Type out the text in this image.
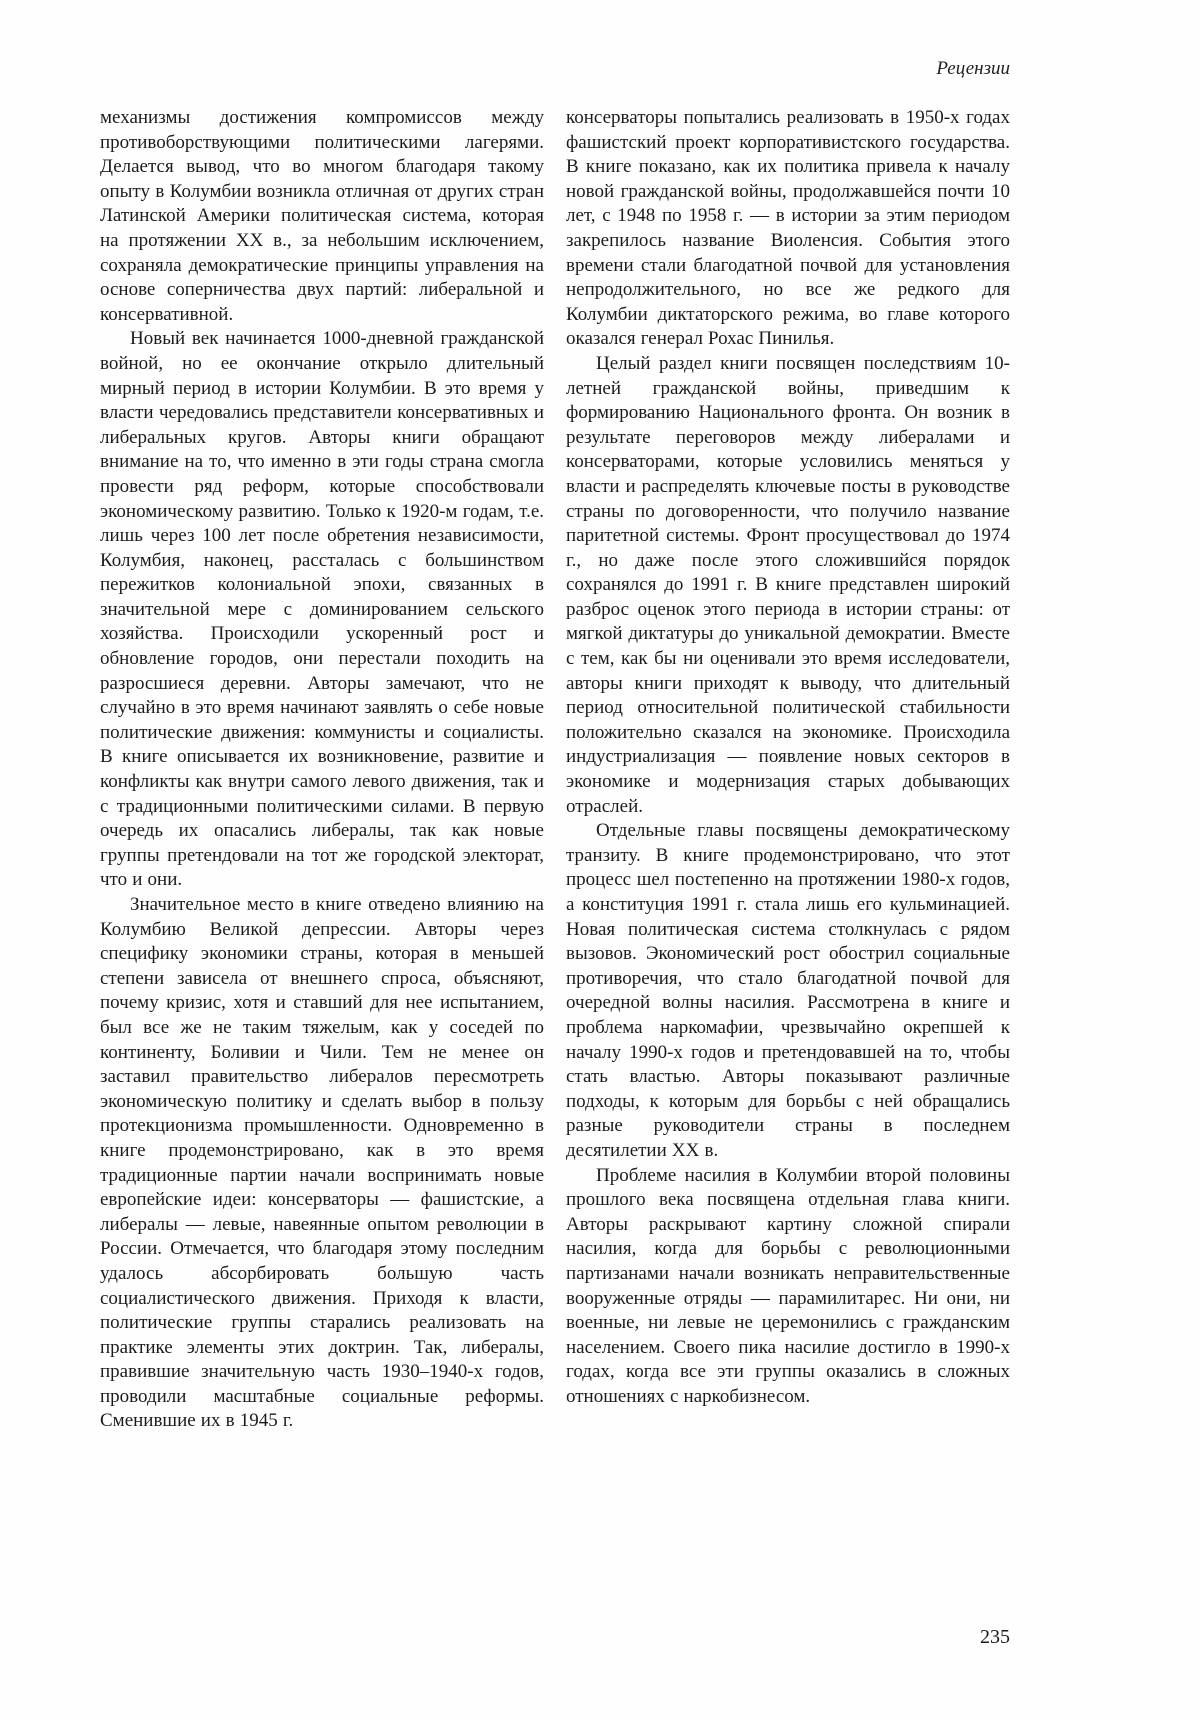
Рецензии

механизмы достижения компромиссов между противоборствующими политическими лагерями. Делается вывод, что во многом благодаря такому опыту в Колумбии возникла отличная от других стран Латинской Америки политическая система, которая на протяжении XX в., за небольшим исключением, сохраняла демократические принципы управления на основе соперничества двух партий: либеральной и консервативной.

Новый век начинается 1000-дневной гражданской войной, но ее окончание открыло длительный мирный период в истории Колумбии. В это время у власти чередовались представители консервативных и либеральных кругов. Авторы книги обращают внимание на то, что именно в эти годы страна смогла провести ряд реформ, которые способствовали экономическому развитию. Только к 1920-м годам, т.е. лишь через 100 лет после обретения независимости, Колумбия, наконец, рассталась с большинством пережитков колониальной эпохи, связанных в значительной мере с доминированием сельского хозяйства. Происходили ускоренный рост и обновление городов, они перестали походить на разросшиеся деревни. Авторы замечают, что не случайно в это время начинают заявлять о себе новые политические движения: коммунисты и социалисты. В книге описывается их возникновение, развитие и конфликты как внутри самого левого движения, так и с традиционными политическими силами. В первую очередь их опасались либералы, так как новые группы претендовали на тот же городской электорат, что и они.

Значительное место в книге отведено влиянию на Колумбию Великой депрессии. Авторы через специфику экономики страны, которая в меньшей степени зависела от внешнего спроса, объясняют, почему кризис, хотя и ставший для нее испытанием, был все же не таким тяжелым, как у соседей по континенту, Боливии и Чили. Тем не менее он заставил правительство либералов пересмотреть экономическую политику и сделать выбор в пользу протекционизма промышленности. Одновременно в книге продемонстрировано, как в это время традиционные партии начали воспринимать новые европейские идеи: консерваторы — фашистские, а либералы — левые, навеянные опытом революции в России. Отмечается, что благодаря этому последним удалось абсорбировать большую часть социалистического движения. Приходя к власти, политические группы старались реализовать на практике элементы этих доктрин. Так, либералы, правившие значительную часть 1930–1940-х годов, проводили масштабные социальные реформы. Сменившие их в 1945 г.

консерваторы попытались реализовать в 1950-х годах фашистский проект корпоративистского государства. В книге показано, как их политика привела к началу новой гражданской войны, продолжавшейся почти 10 лет, с 1948 по 1958 г. — в истории за этим периодом закрепилось название Виоленсия. События этого времени стали благодатной почвой для установления непродолжительного, но все же редкого для Колумбии диктаторского режима, во главе которого оказался генерал Рохас Пинилья.

Целый раздел книги посвящен последствиям 10-летней гражданской войны, приведшим к формированию Национального фронта. Он возник в результате переговоров между либералами и консерваторами, которые условились меняться у власти и распределять ключевые посты в руководстве страны по договоренности, что получило название паритетной системы. Фронт просуществовал до 1974 г., но даже после этого сложившийся порядок сохранялся до 1991 г. В книге представлен широкий разброс оценок этого периода в истории страны: от мягкой диктатуры до уникальной демократии. Вместе с тем, как бы ни оценивали это время исследователи, авторы книги приходят к выводу, что длительный период относительной политической стабильности положительно сказался на экономике. Происходила индустриализация — появление новых секторов в экономике и модернизация старых добывающих отраслей.

Отдельные главы посвящены демократическому транзиту. В книге продемонстрировано, что этот процесс шел постепенно на протяжении 1980-х годов, а конституция 1991 г. стала лишь его кульминацией. Новая политическая система столкнулась с рядом вызовов. Экономический рост обострил социальные противоречия, что стало благодатной почвой для очередной волны насилия. Рассмотрена в книге и проблема наркомафии, чрезвычайно окрепшей к началу 1990-х годов и претендовавшей на то, чтобы стать властью. Авторы показывают различные подходы, к которым для борьбы с ней обращались разные руководители страны в последнем десятилетии XX в.

Проблеме насилия в Колумбии второй половины прошлого века посвящена отдельная глава книги. Авторы раскрывают картину сложной спирали насилия, когда для борьбы с революционными партизанами начали возникать неправительственные вооруженные отряды — парамилитарес. Ни они, ни военные, ни левые не церемонились с гражданским населением. Своего пика насилие достигло в 1990-х годах, когда все эти группы оказались в сложных отношениях с наркобизнесом.

235
